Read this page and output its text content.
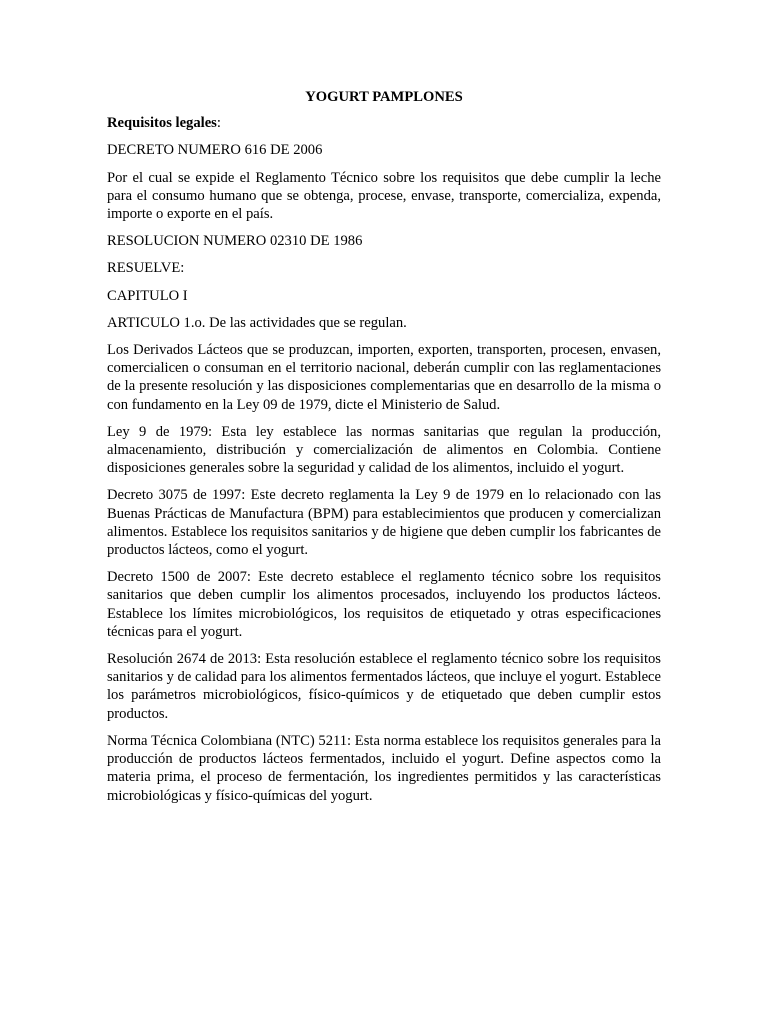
YOGURT PAMPLONES
Requisitos legales:
DECRETO NUMERO 616 DE 2006
Por el cual se expide el Reglamento Técnico sobre los requisitos que debe cumplir la leche para el consumo humano que se obtenga, procese, envase, transporte, comercializa, expenda, importe o exporte en el país.
RESOLUCION NUMERO 02310 DE 1986
RESUELVE:
CAPITULO I
ARTICULO 1.o. De las actividades que se regulan.
Los Derivados Lácteos que se produzcan, importen, exporten, transporten, procesen, envasen, comercialicen o consuman en el territorio nacional, deberán cumplir con las reglamentaciones de la presente resolución y las disposiciones complementarias que en desarrollo de la misma o con fundamento en la Ley 09 de 1979, dicte el Ministerio de Salud.
Ley 9 de 1979: Esta ley establece las normas sanitarias que regulan la producción, almacenamiento, distribución y comercialización de alimentos en Colombia. Contiene disposiciones generales sobre la seguridad y calidad de los alimentos, incluido el yogurt.
Decreto 3075 de 1997: Este decreto reglamenta la Ley 9 de 1979 en lo relacionado con las Buenas Prácticas de Manufactura (BPM) para establecimientos que producen y comercializan alimentos. Establece los requisitos sanitarios y de higiene que deben cumplir los fabricantes de productos lácteos, como el yogurt.
Decreto 1500 de 2007: Este decreto establece el reglamento técnico sobre los requisitos sanitarios que deben cumplir los alimentos procesados, incluyendo los productos lácteos. Establece los límites microbiológicos, los requisitos de etiquetado y otras especificaciones técnicas para el yogurt.
Resolución 2674 de 2013: Esta resolución establece el reglamento técnico sobre los requisitos sanitarios y de calidad para los alimentos fermentados lácteos, que incluye el yogurt. Establece los parámetros microbiológicos, físico-químicos y de etiquetado que deben cumplir estos productos.
Norma Técnica Colombiana (NTC) 5211: Esta norma establece los requisitos generales para la producción de productos lácteos fermentados, incluido el yogurt. Define aspectos como la materia prima, el proceso de fermentación, los ingredientes permitidos y las características microbiológicas y físico-químicas del yogurt.
